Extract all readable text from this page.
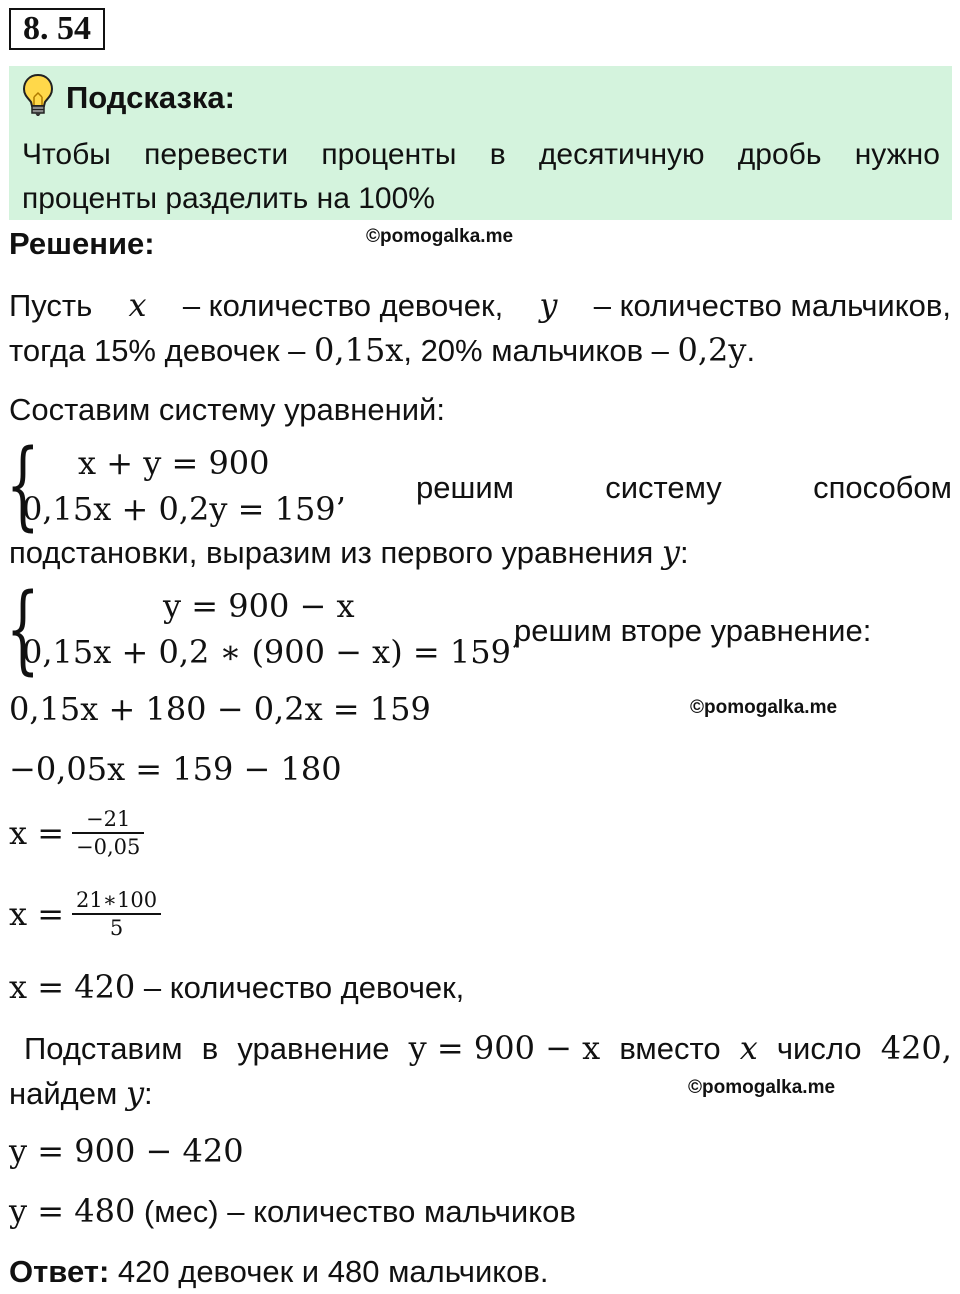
8. 54
Подсказка:
Чтобы перевести проценты в десятичную дробь нужно
проценты разделить на 100%
Решение:	©pomogalka.me
Пусть x – количество девочек, y – количество мальчиков,
тогда 15% девочек – 0,15x, 20% мальчиков – 0,2y.
Составим систему уравнений:
{ x + y = 900
0,15x + 0,2y = 159’
решим	систему	способом
подстановки, выразим из первого уравнения y:
{	y = 900 − x
0,15x + 0,2 ∗ (900 − x) = 159’
решим вторе уравнение:
0,15x + 180 − 0,2x = 159	©pomogalka.me
−0,05x = 159 − 180
$x = \frac{-21}{-0,05}$
$x = \frac{21∗100}{5}$
x = 420 – количество девочек,
Подставим в уравнение y = 900 − x вместо x число 420,
найдем y:	©pomogalka.me
y = 900 − 420
y = 480 (мес) – количество мальчиков
Ответ: 420 девочек и 480 мальчиков.
